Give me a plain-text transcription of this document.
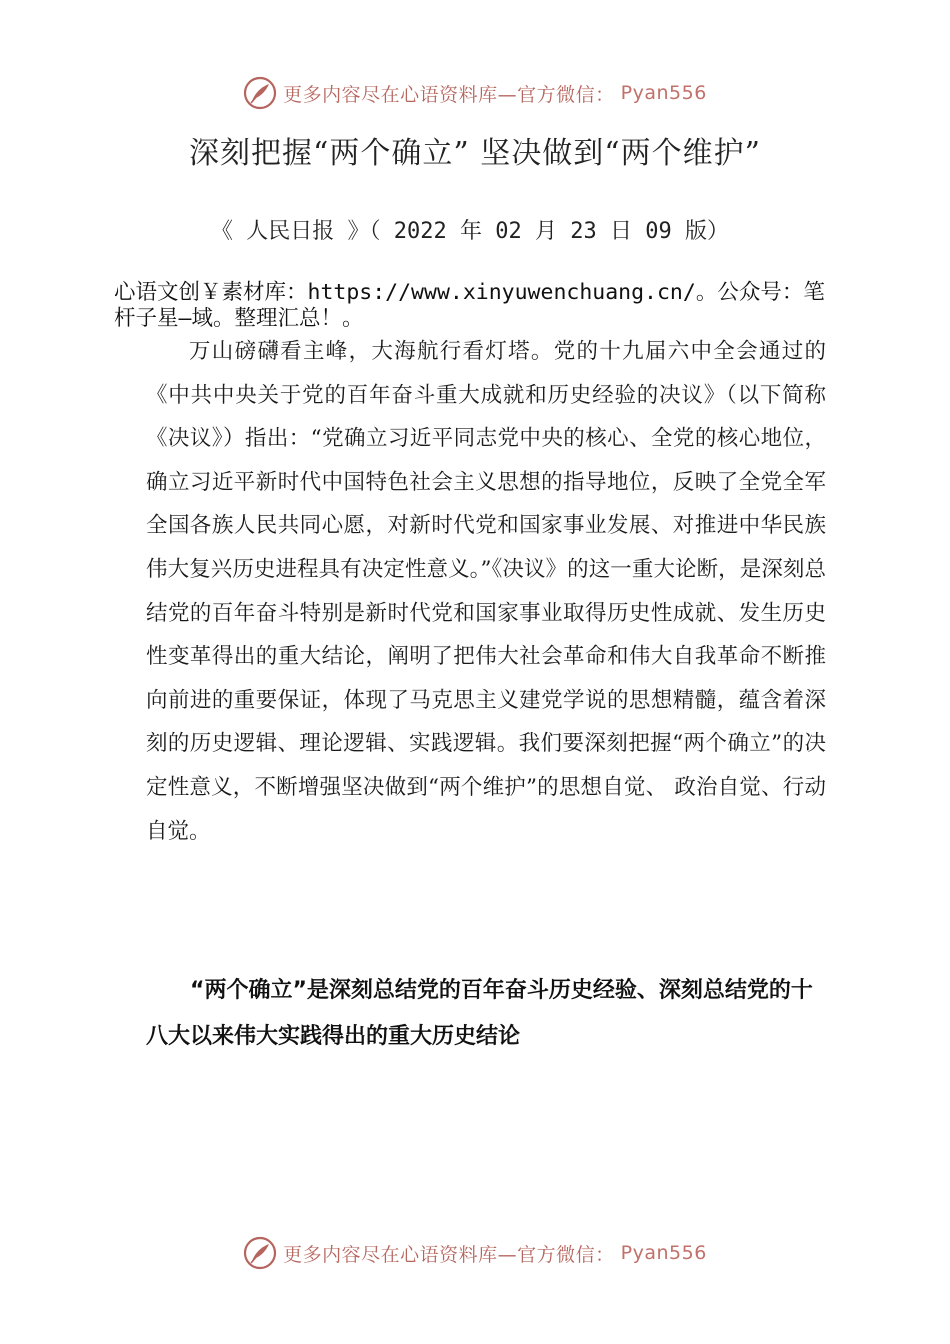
更多内容尽在心语资料库—官方微信： Pyan556
深刻把握“两个确立” 坚决做到“两个维护”
《 人民日报 》（ 2022 年 02 月 23 日 09 版）
心语文创￥素材库：https://www.xinyuwenchuang.cn/。公众号：笔杆子星—域。整理汇总！。

万山磅礴看主峰，大海航行看灯塔。党的十九届六中全会通过的《中共中央关于党的百年奋斗重大成就和历史经验的决议》（以下简称《决议》）指出：“党确立习近平同志党中央的核心、全党的核心地位，确立习近平新时代中国特色社会主义思想的指导地位，反映了全党全军全国各族人民共同心愿，对新时代党和国家事业发展、对推进中华民族伟大复兴历史进程具有决定性意义。”《决议》的这一重大论断，是深刻总结党的百年奋斗特别是新时代党和国家事业取得历史性成就、发生历史性变革得出的重大结论，阐明了把伟大社会革命和伟大自我革命不断推向前进的重要保证，体现了马克思主义建党学说的思想精髓，蕴含着深刻的历史逻辑、理论逻辑、实践逻辑。我们要深刻把握“两个确立”的决定性意义，不断增强坚决做到“两个维护”的思想自觉、 政治自觉、行动自觉。

“两个确立”是深刻总结党的百年奋斗历史经验、深刻总结党的十八大以来伟大实践得出的重大历史结论

更多内容尽在心语资料库—官方微信： Pyan556
